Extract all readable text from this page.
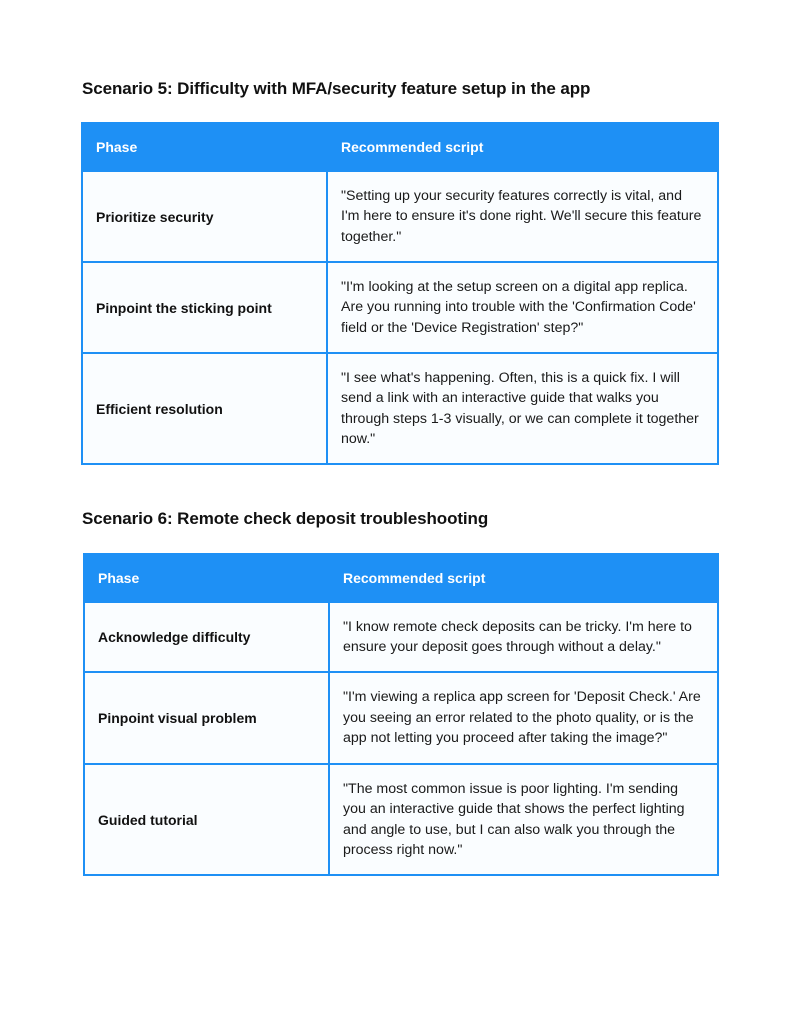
Scenario 5: Difficulty with MFA/security feature setup in the app
Phase	Recommended script
Prioritize security	"Setting up your security features correctly is vital, and I'm here to ensure it's done right. We'll secure this feature together."
Pinpoint the sticking point	"I'm looking at the setup screen on a digital app replica. Are you running into trouble with the 'Confirmation Code' field or the 'Device Registration' step?"
Efficient resolution	"I see what's happening. Often, this is a quick fix. I will send a link with an interactive guide that walks you through steps 1-3 visually, or we can complete it together now."
Scenario 6: Remote check deposit troubleshooting
Phase	Recommended script
Acknowledge difficulty	"I know remote check deposits can be tricky. I'm here to ensure your deposit goes through without a delay."
Pinpoint visual problem	"I'm viewing a replica app screen for 'Deposit Check.' Are you seeing an error related to the photo quality, or is the app not letting you proceed after taking the image?"
Guided tutorial	"The most common issue is poor lighting. I'm sending you an interactive guide that shows the perfect lighting and angle to use, but I can also walk you through the process right now."
